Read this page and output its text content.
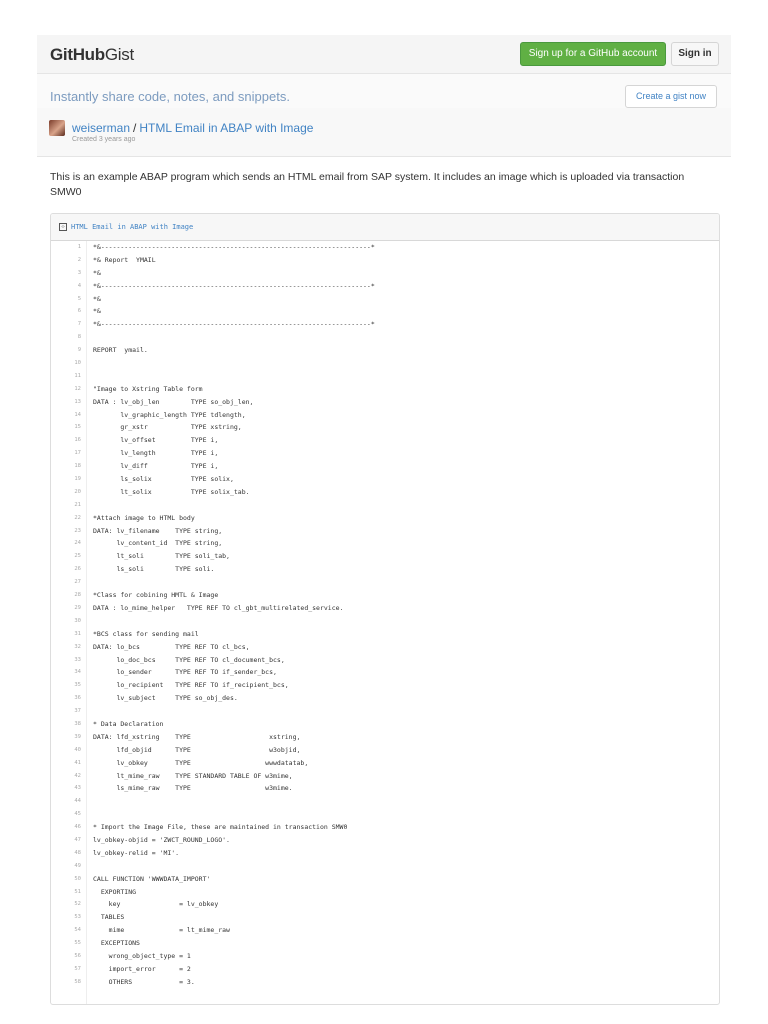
GitHubGist	Sign up for a GitHub account	Sign in
Instantly share code, notes, and snippets.	Create a gist now
weiserman / HTML Email in ABAP with Image
Created 3 years ago
This is an example ABAP program which sends an HTML email from SAP system. It includes an image which is uploaded via transaction SMW0
‹› HTML Email in ABAP with Image
1 *&---------------------------------------------------------------------*
2 *& Report  YMAIL
3 *&
4 *&---------------------------------------------------------------------*
5 *&
6 *&
7 *&---------------------------------------------------------------------*
8
9 REPORT  ymail.
10
11
12 "Image to Xstring Table form
13 DATA : lv_obj_len        TYPE so_obj_len,
14 lv_graphic_length TYPE tdlength,
15 gr_xstr           TYPE xstring,
16 lv_offset         TYPE i,
17 lv_length         TYPE i,
18 lv_diff           TYPE i,
19 ls_solix          TYPE solix,
20 lt_solix          TYPE solix_tab.
21
22 *Attach image to HTML body
23 DATA: lv_filename    TYPE string,
24 lv_content_id  TYPE string,
25 lt_soli        TYPE soli_tab,
26 ls_soli        TYPE soli.
27
28 *Class for cobining HMTL & Image
29 DATA : lo_mime_helper   TYPE REF TO cl_gbt_multirelated_service.
30
31 *BCS class for sending mail
32 DATA: lo_bcs         TYPE REF TO cl_bcs,
33 lo_doc_bcs     TYPE REF TO cl_document_bcs,
34 lo_sender      TYPE REF TO if_sender_bcs,
35 lo_recipient   TYPE REF TO if_recipient_bcs,
36 lv_subject     TYPE so_obj_des.
37
38 * Data Declaration
39 DATA: lfd_xstring    TYPE                    xstring,
40 lfd_objid      TYPE                    w3objid,
41 lv_obkey       TYPE                   wwwdatatab,
42 lt_mime_raw    TYPE STANDARD TABLE OF w3mime,
43 ls_mime_raw    TYPE                   w3mime.
44
45
46 * Import the Image File, these are maintained in transaction SMW0
47 lv_obkey-objid = 'ZWCT_ROUND_LOGO'.
48 lv_obkey-relid = 'MI'.
49
50 CALL FUNCTION 'WWWDATA_IMPORT'
51 EXPORTING
52 key               = lv_obkey
53 TABLES
54 mime              = lt_mime_raw
55 EXCEPTIONS
56 wrong_object_type = 1
57 import_error      = 2
58 OTHERS            = 3.
